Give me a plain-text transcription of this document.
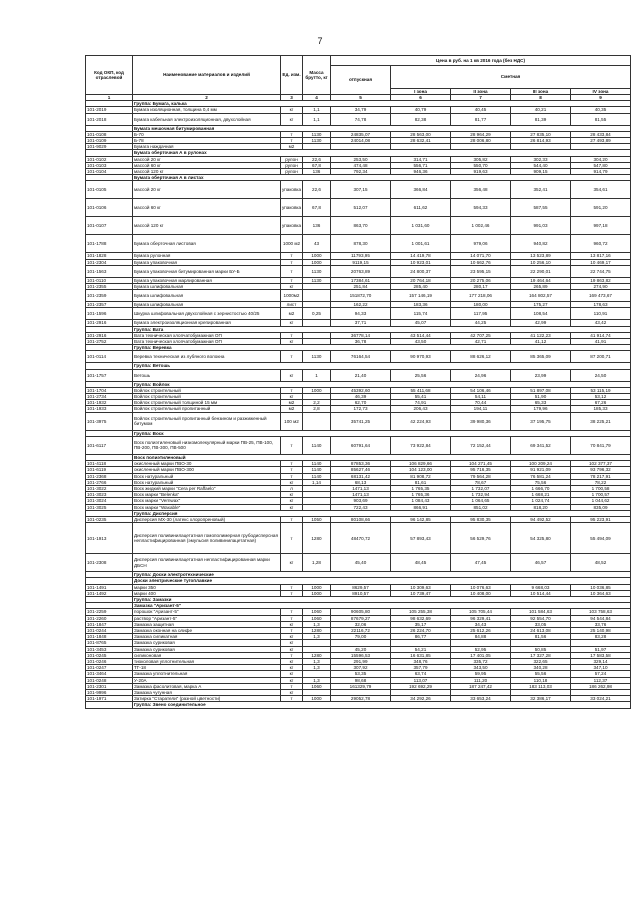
7
Код ОКП, код отраслевой	Наименование материалов и изделий	Ед. изм.	Масса брутто, кг	Цена в руб. на 1 кв 2016 года (без НДС)				
				отпускная	Сметная			
					I зона	II зона	III зона	IV зона
1	2	3	4	5	6	7	8	9
	Группа: Бумага, калька							
101-2019	Бумага изоляционная, толщина 0,4 мм	кг	1,1	34,79	40,79	40,45	40,21	40,35
101-2018	Бумага кабельная электроизоляционная, двухслойная	кг	1,1	74,78	82,38	81,77	81,39	81,55
	Бумага мешочная битумированная							
101-0108	Б-70	т	1130	24835,07	28 563,00	28 964,29	27 835,10	28 433,84
101-0109	Б-78	т	1130	24014,08	28 632,41	28 006,80	26 814,93	27 493,89
101-9029	Бумага наждачная	м2						
	Бумага оберточная А в рулонах							
101-0102	массой 20 кг	рулон	22,6	253,50	314,71	305,82	302,33	304,20
101-0103	массой 60 кг	рулон	67,8	474,48	556,71	550,70	544,40	547,80
101-0104	массой 120 кг	рулон	136	792,34	946,36	919,63	909,15	914,79
	Бумага оберточная А в листах							
101-0105	массой 20 кг	упаковка	22,6	307,15	366,84	356,48	352,41	354,61
101-0106	массой 60 кг	упаковка	67,8	512,07	611,62	594,33	587,55	591,20
101-0107	массой 120 кг	упаковка	136	863,70	1 031,60	1 002,46	991,03	997,18
101-1788	Бумага оберточная листовая	1000 м2	43	878,30	1 001,61	979,06	940,82	960,72
101-1828	Бумага рулонная	т	1000	11793,95	14 419,78	14 071,70	13 523,89	13 817,16
101-2304	Бумага упаковочная	т	1000	9119,15	10 923,01	10 662,76	10 256,10	10 469,17
101-1563	Бумага упаковочная битумированная марки БУ-Б	т	1130	20763,89	24 800,37	23 595,15	22 290,01	22 744,75
101-0110	Бумага упаковочная марлированная	т	1130	17384,61	20 764,18	20 275,06	19 464,64	19 863,82
101-2355	Бумага шлифовальная	кг		251,84	285,40	280,17	265,89	274,90
101-2359	Бумага шлифовальная	1000м2		151872,70	157 146,19	177 218,06	164 802,57	169 473,67
101-2357	Бумага шлифовальная	лист		162,22	183,36	180,00	175,27	178,63
101-1596	Шкурка шлифовальная двухслойная с зернистостью 40/25	м2	0,25	94,33	115,74	117,95	108,54	110,91
101-2916	Бумага электроизоляционная крепированная	кг		37,71	45,07	44,25	42,99	43,42
	Группа: Вата							
101-2916	Вата техническая хлопчатобумажная ОП	т		36778,14	43 514,44	42 707,25	41 122,23	41 914,74
101-2752	Вата техническая хлопчатобумажная ОП	кг		36,78	43,50	42,71	41,12	41,91
	Группа: Веревка							
101-0114	Веревка техническая из лубяного волокна	т	1130	76164,54	90 970,93	88 626,12	85 365,09	87 200,71
	Группа: Ветошь							
101-1757	Ветошь	кг	1	21,40	25,56	24,96	23,99	24,50
	Группа: Войлок							
101-1704	Войлок строительный	т	1000	45392,60	55 411,68	54 106,46	51 897,08	53 115,19
101-2734	Войлок строительный	кг		46,39	55,41	54,11	51,90	53,12
101-1932	Войлок строительный толщиной 15 мм	м2	2,2	62,70	74,91	70,44	65,33	67,26
101-1933	Войлок строительный пропитанный	м2	2,8	172,73	206,43	194,11	179,96	185,33
101-3975	Войлок строительный пропитанный бензином и разжиженный битумом	100 м2		35741,25	42 224,93	39 980,36	37 195,75	38 225,21
	Группа: Воск							
101-6117	Воск полиэтиленовый низкомолекулярный марки ПВ-25, ПВ-100, ПВ-200, ПВ-300, ПВ-500	т	1140	60791,64	73 922,84	72 152,44	69 341,52	70 841,79
	Воск полиэтиленовый							
101-4118	окисленный марки ПВО-30	т	1140	87853,36	106 829,66	104 271,45	100 209,24	102 377,37
101-6119	окисленный марки ПВО-300	т	1140	85627,46	104 123,00	95 716,35	91 921,09	93 796,32
101-2368	Воск натуральный	т	1140	68131,42	81 908,72	79 564,28	76 581,24	78 217,91
101-2766	Воск натуральный	кг	1,14	68,13	81,61	78,67	75,56	78,22
101-3022	Воск жидкий марки "Cera per Raffaelo"	л		1471,13	1 765,35	1 732,07	1 666,70	1 700,58
101-3023	Воск марки "Belenka"	кг		1471,13	1 765,36	1 732,94	1 668,21	1 700,57
101-3024	Воск марки "Vernwax"	кг		903,69	1 084,43	1 064,65	1 024,74	1 044,62
101-3025	Воск марки "Waxable"	кг		722,43	866,91	851,02	818,20	835,09
	Группа: Дисперсия							
101-0235	Дисперсия МХ-30 (латекс хлоропреновый)	т	1050	80108,66	96 142,85	95 830,35	94 492,52	95 223,91
101-1913	Дисперсия поливинилацетатная гомополимерная грубодисперсная непластифицированная (эмульсия поливинилацетатная)	т	1280	48470,72	57 893,43	56 529,76	54 325,80	55 494,09
101-2308	Дисперсия поливинилацетатная непластифицированная марки ДБСН	кг	1,28	45,40	48,45	47,45	46,57	48,52
	Группа: Доски электротехнические							
	Доски электрические тугоплавкие							
101-1491	марки 350	т	1000	8629,57	10 309,63	10 076,63	9 668,03	10 036,85
101-1492	марки 400	т	1000	8910,57	10 739,47	10 408,00	10 514,44	10 364,63
	Группа: Замазки							
	Замазка "Аризант-5"							
101-2259	порошок "Аризант-5"	т	1060	90605,80	105 255,38	105 705,44	101 584,63	103 758,63
101-2260	раствор "Аризант-5"	т	1060	87679,27	98 632,69	96 329,41	92 554,70	94 544,84
101-1847	Замазка защитная	кг	1,3	32,06	35,17	34,43	33,05	33,76
101-0244	Замазка оконная на олифе	т	1280	22116,72	26 224,70	25 612,26	24 613,08	25 140,98
101-1848	Замазка силикатная	кг	1,3	79,00	86,77	84,88	81,56	83,28
101-8765	Замазка суриковая	кг						
101-3453	Замазка суриковая	кг		45,20	54,21	52,95	50,85	51,97
101-0245	силиконовая	т	1280	15596,53	16 631,85	17 401,05	17 327,28	17 583,58
101-0246	тиоколовая уплотнительная	кг	1,3	291,99	348,76	335,72	322,65	329,14
101-0247	ТГ-18	кг	1,3	307,92	357,79	343,50	340,28	347,10
101-3464	Замазка уплотнительная	кг		53,35	63,74	59,95	55,56	57,24
101-0248	У-20А	кг	1,3	98,68	113,07	111,20	110,18	112,37
101-2301	Замазка фасолитовая, марка А	т	1060	161329,79	192 692,29	187 247,42	183 113,03	186 262,98
101-9996	Замазка чугунная	кг						
101-1971	Затирка "Старатели" (разной цветности)	т	1000	29052,78	34 292,26	33 653,24	32 386,17	33 024,21
	Группа: Звено соединительное							
